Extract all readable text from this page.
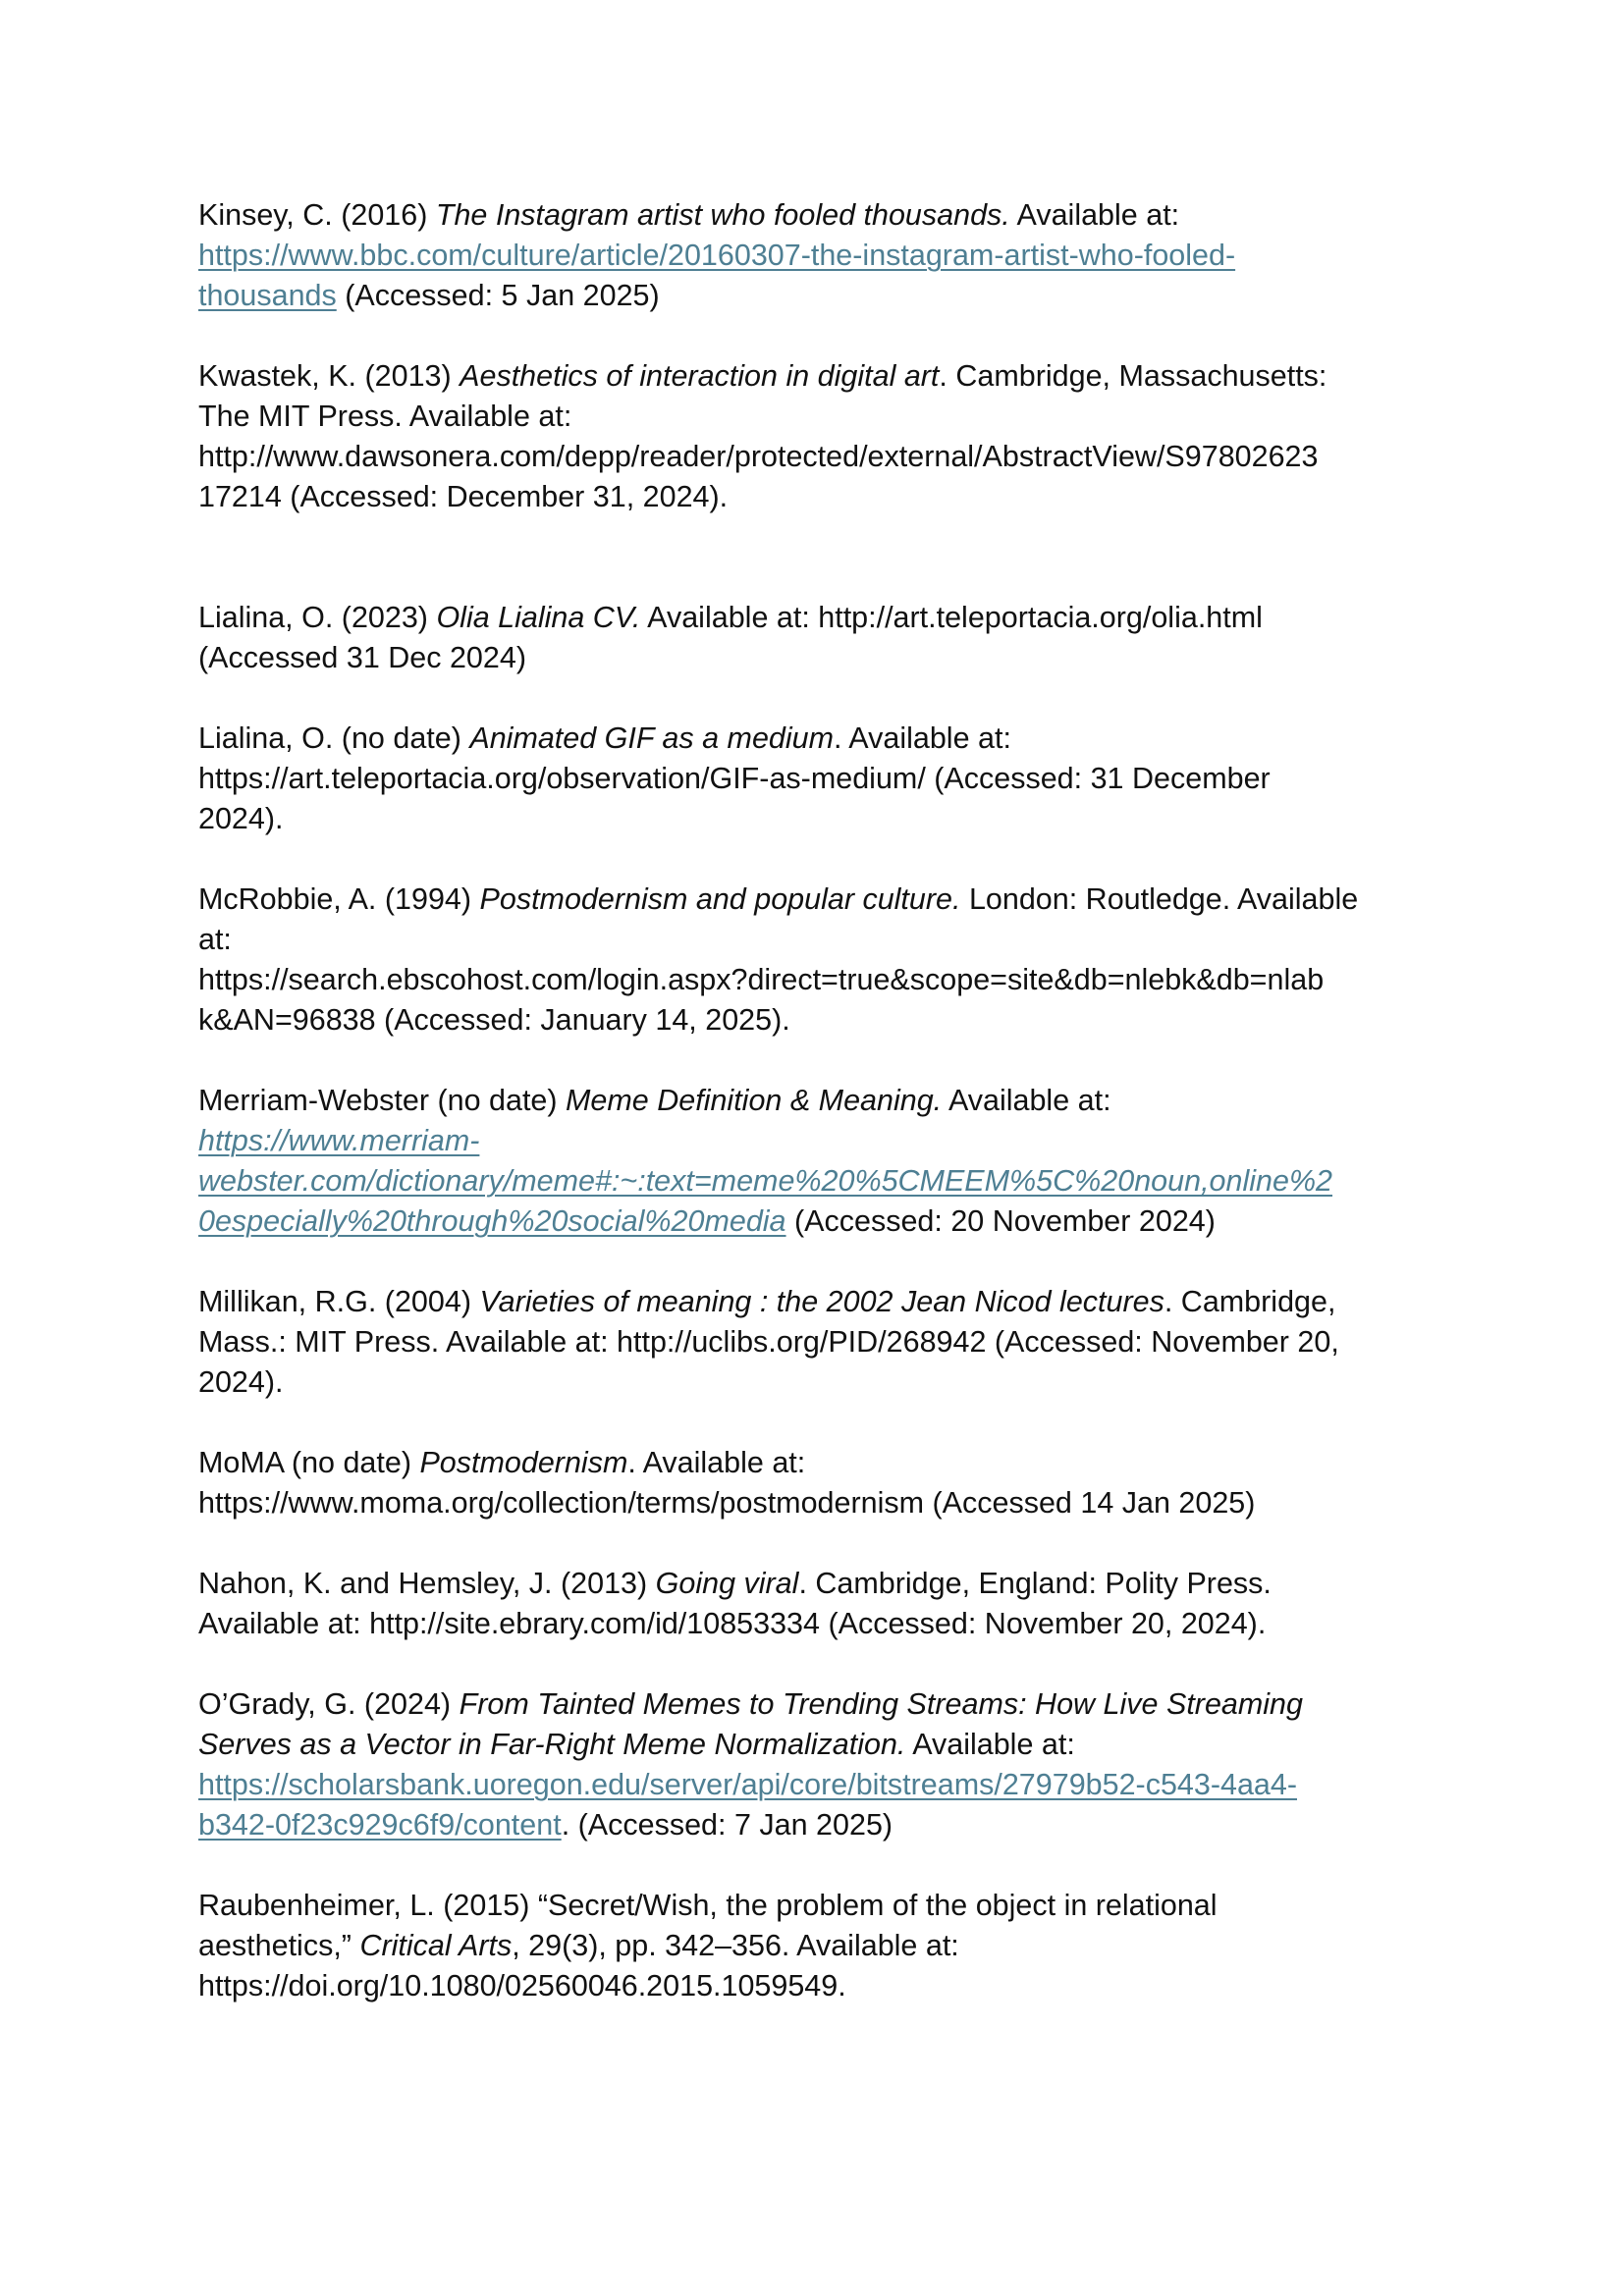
Kinsey, C. (2016) The Instagram artist who fooled thousands. Available at:
https://www.bbc.com/culture/article/20160307-the-instagram-artist-who-fooled-
thousands (Accessed: 5 Jan 2025)
Kwastek, K. (2013) Aesthetics of interaction in digital art. Cambridge, Massachusetts:
The MIT Press. Available at:
http://www.dawsonera.com/depp/reader/protected/external/AbstractView/S97802623
17214 (Accessed: December 31, 2024).
Lialina, O. (2023) Olia Lialina CV. Available at: http://art.teleportacia.org/olia.html
(Accessed 31 Dec 2024)
Lialina, O. (no date) Animated GIF as a medium. Available at:
https://art.teleportacia.org/observation/GIF-as-medium/ (Accessed: 31 December
2024).
McRobbie, A. (1994) Postmodernism and popular culture. London: Routledge. Available
at:
https://search.ebscohost.com/login.aspx?direct=true&scope=site&db=nlebk&db=nlab
k&AN=96838 (Accessed: January 14, 2025).
Merriam-Webster (no date) Meme Definition & Meaning. Available at:
https://www.merriam-
webster.com/dictionary/meme#:~:text=meme%20%5CMEEM%5C%20noun,online%2
0especially%20through%20social%20media (Accessed: 20 November 2024)
Millikan, R.G. (2004) Varieties of meaning : the 2002 Jean Nicod lectures. Cambridge,
Mass.: MIT Press. Available at: http://uclibs.org/PID/268942 (Accessed: November 20,
2024).
MoMA (no date) Postmodernism. Available at:
https://www.moma.org/collection/terms/postmodernism (Accessed 14 Jan 2025)
Nahon, K. and Hemsley, J. (2013) Going viral. Cambridge, England: Polity Press.
Available at: http://site.ebrary.com/id/10853334 (Accessed: November 20, 2024).
O’Grady, G. (2024) From Tainted Memes to Trending Streams: How Live Streaming
Serves as a Vector in Far-Right Meme Normalization. Available at:
https://scholarsbank.uoregon.edu/server/api/core/bitstreams/27979b52-c543-4aa4-
b342-0f23c929c6f9/content. (Accessed: 7 Jan 2025)
Raubenheimer, L. (2015) “Secret/Wish, the problem of the object in relational
aesthetics,” Critical Arts, 29(3), pp. 342–356. Available at:
https://doi.org/10.1080/02560046.2015.1059549.
